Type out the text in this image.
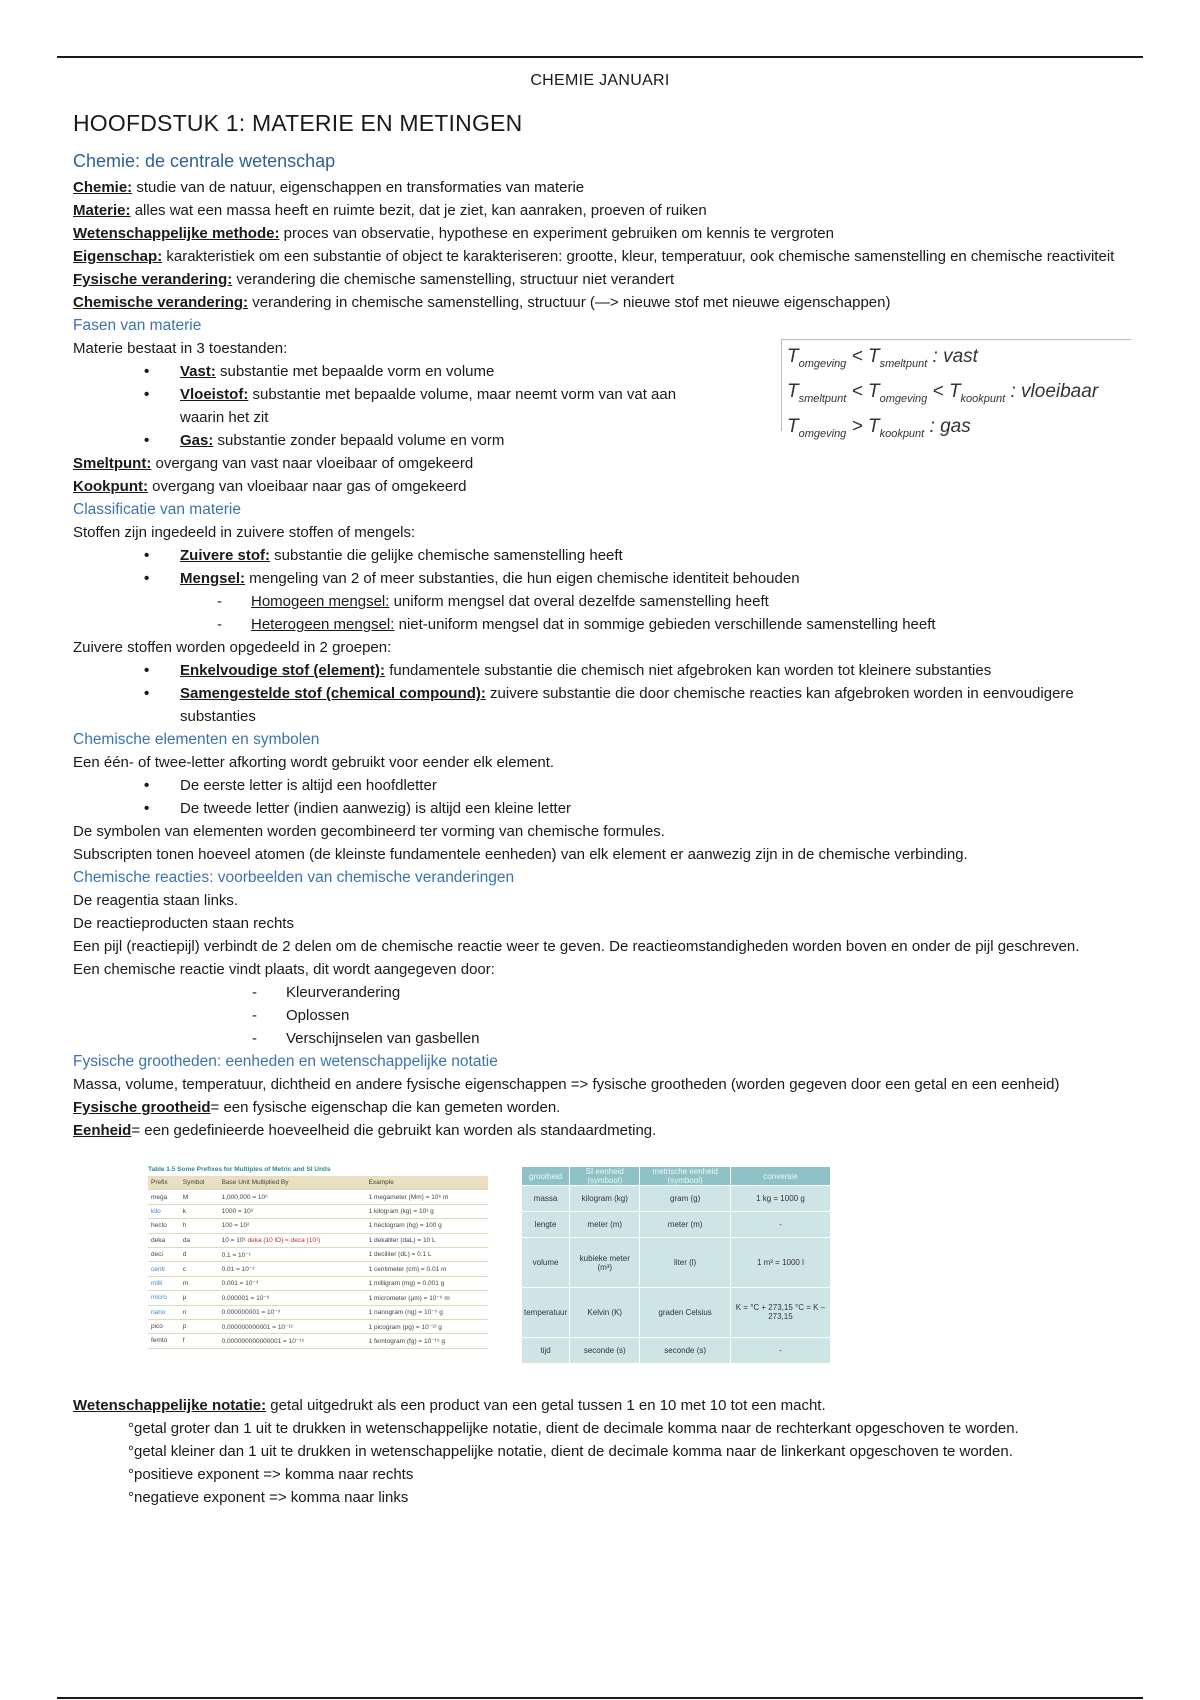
CHEMIE JANUARI
HOOFDSTUK 1: MATERIE EN METINGEN
Chemie: de centrale wetenschap
Chemie: studie van de natuur, eigenschappen en transformaties van materie
Materie: alles wat een massa heeft en ruimte bezit, dat je ziet, kan aanraken, proeven of ruiken
Wetenschappelijke methode: proces van observatie, hypothese en experiment gebruiken om kennis te vergroten
Eigenschap: karakteristiek om een substantie of object te karakteriseren: grootte, kleur, temperatuur, ook chemische samenstelling en chemische reactiviteit
Fysische verandering: verandering die chemische samenstelling, structuur niet verandert
Chemische verandering: verandering in chemische samenstelling, structuur (—> nieuwe stof met nieuwe eigenschappen)
Fasen van materie
Materie bestaat in 3 toestanden:
• Vast: substantie met bepaalde vorm en volume
• Vloeistof: substantie met bepaalde volume, maar neemt vorm van vat aan waarin het zit
• Gas: substantie zonder bepaald volume en vorm
$T_{omgeving} < T_{smeltpunt}$ : vast
$T_{smeltpunt} < T_{omgeving} < T_{kookpunt}$ : vloeibaar
$T_{omgeving} > T_{kookpunt}$ : gas
Smeltpunt: overgang van vast naar vloeibaar of omgekeerd
Kookpunt: overgang van vloeibaar naar gas of omgekeerd
Classificatie van materie
Stoffen zijn ingedeeld in zuivere stoffen of mengels:
• Zuivere stof: substantie die gelijke chemische samenstelling heeft
• Mengsel: mengeling van 2 of meer substanties, die hun eigen chemische identiteit behouden
- Homogeen mengsel: uniform mengsel dat overal dezelfde samenstelling heeft
- Heterogeen mengsel: niet-uniform mengsel dat in sommige gebieden verschillende samenstelling heeft
Zuivere stoffen worden opgedeeld in 2 groepen:
• Enkelvoudige stof (element): fundamentele substantie die chemisch niet afgebroken kan worden tot kleinere substanties
• Samengestelde stof (chemical compound): zuivere substantie die door chemische reacties kan afgebroken worden in eenvoudigere substanties
Chemische elementen en symbolen
Een één- of twee-letter afkorting wordt gebruikt voor eender elk element.
• De eerste letter is altijd een hoofdletter
• De tweede letter (indien aanwezig) is altijd een kleine letter
De symbolen van elementen worden gecombineerd ter vorming van chemische formules.
Subscripten tonen hoeveel atomen (de kleinste fundamentele eenheden) van elk element er aanwezig zijn in de chemische verbinding.
Chemische reacties: voorbeelden van chemische veranderingen
De reagentia staan links.
De reactieproducten staan rechts
Een pijl (reactiepijl) verbindt de 2 delen om de chemische reactie weer te geven. De reactieomstandigheden worden boven en onder de pijl geschreven.
Een chemische reactie vindt plaats, dit wordt aangegeven door:
- Kleurverandering
- Oplossen
- Verschijnselen van gasbellen
Fysische grootheden: eenheden en wetenschappelijke notatie
Massa, volume, temperatuur, dichtheid en andere fysische eigenschappen => fysische grootheden (worden gegeven door een getal en een eenheid)
Fysische grootheid= een fysische eigenschap die kan gemeten worden.
Eenheid= een gedefinieerde hoeveelheid die gebruikt kan worden als standaardmeting.
Table 1.5 Some Prefixes for Multiples of Metric and SI Units
Prefix	Symbol	Base Unit Multiplied By	Example
mega	M	1,000,000 = 10⁶	1 megameter (Mm) = 10⁶ m
kilo	k	1000 = 10³	1 kilogram (kg) = 10³ g
hecto	h	100 = 10²	1 hectogram (hg) = 100 g
deka	da	10 = 10¹ deka (10 lO) = deca (10¹)	1 dekaliter (daL) = 10 L
deci	d	0.1 = 10⁻¹	1 deciliter (dL) = 0.1 L
centi	c	0.01 = 10⁻²	1 centimeter (cm) = 0.01 m
milli	m	0.001 = 10⁻³	1 milligram (mg) = 0.001 g
micro	μ	0.000001 = 10⁻⁶	1 micrometer (μm) = 10⁻⁶ m
nano	n	0.000000001 = 10⁻⁹	1 nanogram (ng) = 10⁻⁹ g
pico	p	0.000000000001 = 10⁻¹²	1 picogram (pg) = 10⁻¹² g
femto	f	0.000000000000001 = 10⁻¹⁵	1 femtogram (fg) = 10⁻¹⁵ g
grootheid	SI eenheid (symbool)	metrische eenheid (symbool)	conversie
massa	kilogram (kg)	gram (g)	1 kg = 1000 g
lengte	meter (m)	meter (m)	-
volume	kubieke meter (m³)	liter (l)	1 m³ = 1000 l
temperatuur	Kelvin (K)	graden Celsius	K = °C + 273,15 °C = K – 273,15
tijd	seconde (s)	seconde (s)	-
Wetenschappelijke notatie: getal uitgedrukt als een product van een getal tussen 1 en 10 met 10 tot een macht.
° getal groter dan 1 uit te drukken in wetenschappelijke notatie, dient de decimale komma naar de rechterkant opgeschoven te worden.
° getal kleiner dan 1 uit te drukken in wetenschappelijke notatie, dient de decimale komma naar de linkerkant opgeschoven te worden.
° positieve exponent => komma naar rechts
° negatieve exponent => komma naar links
